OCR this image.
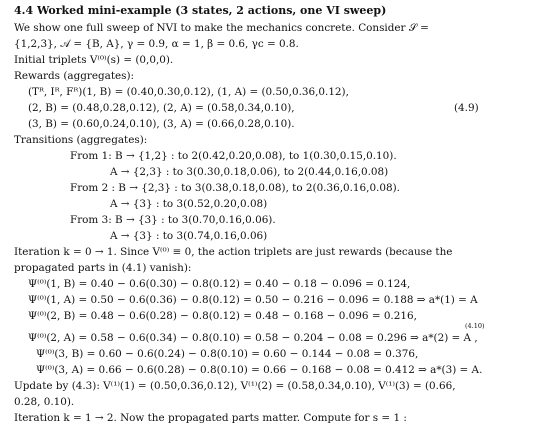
4.4 Worked mini-example (3 states, 2 actions, one VI sweep)
We show one full sweep of NVI to make the mechanics concrete. Consider 𝒮 =
{1,2,3}, 𝒜 = {B, A}, γ = 0.9, α = 1, β = 0.6, γc = 0.8.
Initial triplets V⁽⁰⁾(s) = (0,0,0).
Rewards (aggregates):
(Tᴿ, Iᴿ, Fᴿ)(1, B) = (0.40,0.30,0.12), (1, A) = (0.50,0.36,0.12),
(2, B) = (0.48,0.28,0.12), (2, A) = (0.58,0.34,0.10),	(4.9)
(3, B) = (0.60,0.24,0.10), (3, A) = (0.66,0.28,0.10).
Transitions (aggregates):
From 1: B → {1,2} : to 2(0.42,0.20,0.08), to 1(0.30,0.15,0.10).
A → {2,3} : to 3(0.30,0.18,0.06), to 2(0.44,0.16,0.08)
From 2 : B → {2,3} : to 3(0.38,0.18,0.08), to 2(0.36,0.16,0.08).
A → {3} : to 3(0.52,0.20,0.08)
From 3: B → {3} : to 3(0.70,0.16,0.06).
A → {3} : to 3(0.74,0.16,0.06)
Iteration k = 0 → 1. Since V⁽⁰⁾ ≡ 0, the action triplets are just rewards (because the
propagated parts in (4.1) vanish):
Ψ⁽⁰⁾(1, B) = 0.40 − 0.6(0.30) − 0.8(0.12) = 0.40 − 0.18 − 0.096 = 0.124,
Ψ⁽⁰⁾(1, A) = 0.50 − 0.6(0.36) − 0.8(0.12) = 0.50 − 0.216 − 0.096 = 0.188 ⇒ a*(1) = A
Ψ⁽⁰⁾(2, B) = 0.48 − 0.6(0.28) − 0.8(0.12) = 0.48 − 0.168 − 0.096 = 0.216,
(4.10)
Ψ⁽⁰⁾(2, A) = 0.58 − 0.6(0.34) − 0.8(0.10) = 0.58 − 0.204 − 0.08 = 0.296 ⇒ a*(2) = A ,
Ψ⁽⁰⁾(3, B) = 0.60 − 0.6(0.24) − 0.8(0.10) = 0.60 − 0.144 − 0.08 = 0.376,
Ψ⁽⁰⁾(3, A) = 0.66 − 0.6(0.28) − 0.8(0.10) = 0.66 − 0.168 − 0.08 = 0.412 ⇒ a*(3) = A.
Update by (4.3): V⁽¹⁾(1) = (0.50,0.36,0.12), V⁽¹⁾(2) = (0.58,0.34,0.10), V⁽¹⁾(3) = (0.66,
0.28, 0.10).
Iteration k = 1 → 2. Now the propagated parts matter. Compute for s = 1 :
